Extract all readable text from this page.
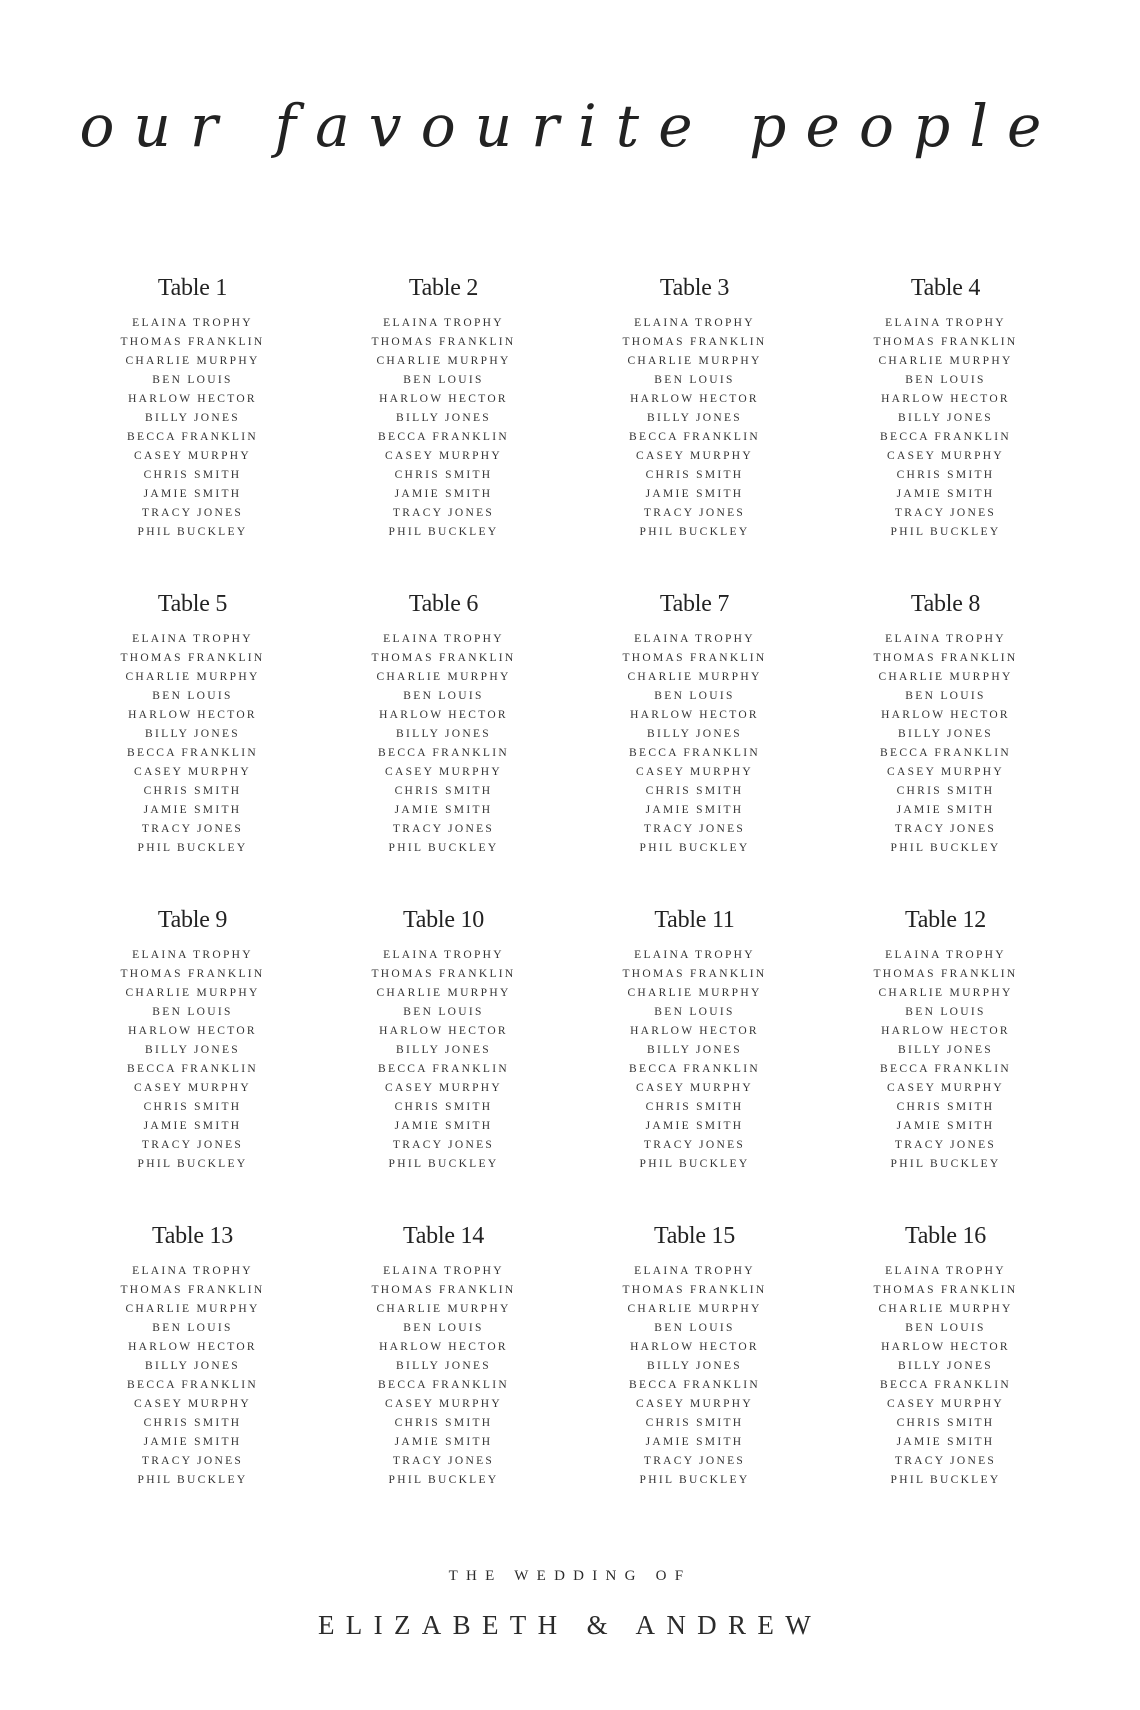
our favourite people
Table 1
ELAINA TROPHY
THOMAS FRANKLIN
CHARLIE MURPHY
BEN LOUIS
HARLOW HECTOR
BILLY JONES
BECCA FRANKLIN
CASEY MURPHY
CHRIS SMITH
JAMIE SMITH
TRACY JONES
PHIL BUCKLEY
Table 2
ELAINA TROPHY
THOMAS FRANKLIN
CHARLIE MURPHY
BEN LOUIS
HARLOW HECTOR
BILLY JONES
BECCA FRANKLIN
CASEY MURPHY
CHRIS SMITH
JAMIE SMITH
TRACY JONES
PHIL BUCKLEY
Table 3
ELAINA TROPHY
THOMAS FRANKLIN
CHARLIE MURPHY
BEN LOUIS
HARLOW HECTOR
BILLY JONES
BECCA FRANKLIN
CASEY MURPHY
CHRIS SMITH
JAMIE SMITH
TRACY JONES
PHIL BUCKLEY
Table 4
ELAINA TROPHY
THOMAS FRANKLIN
CHARLIE MURPHY
BEN LOUIS
HARLOW HECTOR
BILLY JONES
BECCA FRANKLIN
CASEY MURPHY
CHRIS SMITH
JAMIE SMITH
TRACY JONES
PHIL BUCKLEY
Table 5
ELAINA TROPHY
THOMAS FRANKLIN
CHARLIE MURPHY
BEN LOUIS
HARLOW HECTOR
BILLY JONES
BECCA FRANKLIN
CASEY MURPHY
CHRIS SMITH
JAMIE SMITH
TRACY JONES
PHIL BUCKLEY
Table 6
ELAINA TROPHY
THOMAS FRANKLIN
CHARLIE MURPHY
BEN LOUIS
HARLOW HECTOR
BILLY JONES
BECCA FRANKLIN
CASEY MURPHY
CHRIS SMITH
JAMIE SMITH
TRACY JONES
PHIL BUCKLEY
Table 7
ELAINA TROPHY
THOMAS FRANKLIN
CHARLIE MURPHY
BEN LOUIS
HARLOW HECTOR
BILLY JONES
BECCA FRANKLIN
CASEY MURPHY
CHRIS SMITH
JAMIE SMITH
TRACY JONES
PHIL BUCKLEY
Table 8
ELAINA TROPHY
THOMAS FRANKLIN
CHARLIE MURPHY
BEN LOUIS
HARLOW HECTOR
BILLY JONES
BECCA FRANKLIN
CASEY MURPHY
CHRIS SMITH
JAMIE SMITH
TRACY JONES
PHIL BUCKLEY
Table 9
ELAINA TROPHY
THOMAS FRANKLIN
CHARLIE MURPHY
BEN LOUIS
HARLOW HECTOR
BILLY JONES
BECCA FRANKLIN
CASEY MURPHY
CHRIS SMITH
JAMIE SMITH
TRACY JONES
PHIL BUCKLEY
Table 10
ELAINA TROPHY
THOMAS FRANKLIN
CHARLIE MURPHY
BEN LOUIS
HARLOW HECTOR
BILLY JONES
BECCA FRANKLIN
CASEY MURPHY
CHRIS SMITH
JAMIE SMITH
TRACY JONES
PHIL BUCKLEY
Table 11
ELAINA TROPHY
THOMAS FRANKLIN
CHARLIE MURPHY
BEN LOUIS
HARLOW HECTOR
BILLY JONES
BECCA FRANKLIN
CASEY MURPHY
CHRIS SMITH
JAMIE SMITH
TRACY JONES
PHIL BUCKLEY
Table 12
ELAINA TROPHY
THOMAS FRANKLIN
CHARLIE MURPHY
BEN LOUIS
HARLOW HECTOR
BILLY JONES
BECCA FRANKLIN
CASEY MURPHY
CHRIS SMITH
JAMIE SMITH
TRACY JONES
PHIL BUCKLEY
Table 13
ELAINA TROPHY
THOMAS FRANKLIN
CHARLIE MURPHY
BEN LOUIS
HARLOW HECTOR
BILLY JONES
BECCA FRANKLIN
CASEY MURPHY
CHRIS SMITH
JAMIE SMITH
TRACY JONES
PHIL BUCKLEY
Table 14
ELAINA TROPHY
THOMAS FRANKLIN
CHARLIE MURPHY
BEN LOUIS
HARLOW HECTOR
BILLY JONES
BECCA FRANKLIN
CASEY MURPHY
CHRIS SMITH
JAMIE SMITH
TRACY JONES
PHIL BUCKLEY
Table 15
ELAINA TROPHY
THOMAS FRANKLIN
CHARLIE MURPHY
BEN LOUIS
HARLOW HECTOR
BILLY JONES
BECCA FRANKLIN
CASEY MURPHY
CHRIS SMITH
JAMIE SMITH
TRACY JONES
PHIL BUCKLEY
Table 16
ELAINA TROPHY
THOMAS FRANKLIN
CHARLIE MURPHY
BEN LOUIS
HARLOW HECTOR
BILLY JONES
BECCA FRANKLIN
CASEY MURPHY
CHRIS SMITH
JAMIE SMITH
TRACY JONES
PHIL BUCKLEY

THE WEDDING OF

ELIZABETH & ANDREW
